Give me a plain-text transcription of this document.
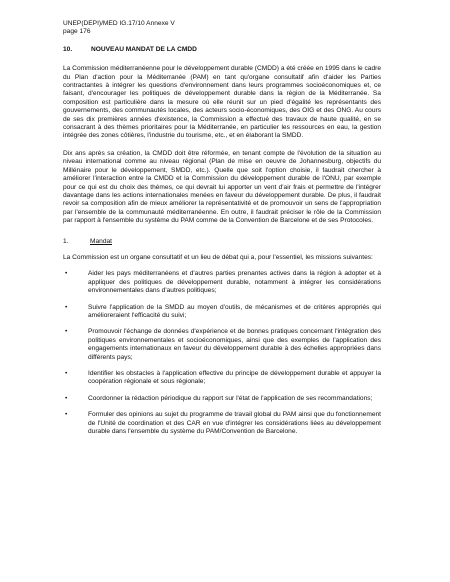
UNEP(DEPI)/MED IG.17/10 Annexe V
page 176
10.	NOUVEAU MANDAT DE LA CMDD

La Commission méditerranéenne pour le développement durable (CMDD) a été créée en 1995 dans le cadre du Plan d'action pour la Méditerranée (PAM) en tant qu'organe consultatif afin d'aider les Parties contractantes à intégrer les questions d'environnement dans leurs programmes socioéconomiques et, ce faisant, d'encourager les politiques de développement durable dans la région de la Méditerranée. Sa composition est particulière dans la mesure où elle réunit sur un pied d'égalité les représentants des gouvernements, des communautés locales, des acteurs socio-économiques, des OIG et des ONG. Au cours de ses dix premières années d'existence, la Commission a effectué des travaux de haute qualité, en se consacrant à des thèmes prioritaires pour la Méditerranée, en particulier les ressources en eau, la gestion intégrée des zones côtières, l'industrie du tourisme, etc., et en élaborant la SMDD.

Dix ans après sa création, la CMDD doit être réformée, en tenant compte de l'évolution de la situation au niveau international comme au niveau régional (Plan de mise en oeuvre de Johannesburg, objectifs du Millénaire pour le développement, SMDD, etc.). Quelle que soit l'option choisie, il faudrait chercher à améliorer l'interaction entre la CMDD et la Commission du développement durable de l'ONU, par exemple pour ce qui est du choix des thèmes, ce qui devrait lui apporter un vent d'air frais et permettre de l'intégrer davantage dans les actions internationales menées en faveur du développement durable. De plus, il faudrait revoir sa composition afin de mieux améliorer la représentativité et de promouvoir un sens de l'appropriation par l'ensemble de la communauté méditerranéenne. En outre, il faudrait préciser le rôle de la Commission par rapport à l'ensemble du système du PAM comme de la Convention de Barcelone et de ses Protocoles.

1.	Mandat

La Commission est un organe consultatif et un lieu de débat qui a, pour l'essentiel, les missions suivantes:

•	Aider les pays méditerranéens et d'autres parties prenantes actives dans la région à adopter et à appliquer des politiques de développement durable, notamment à intégrer les considérations environnementales dans d'autres politiques;
•	Suivre l'application de la SMDD au moyen d'outils, de mécanismes et de critères appropriés qui amélioreraient l'efficacité du suivi;
•	Promouvoir l'échange de données d'expérience et de bonnes pratiques concernant l'intégration des politiques environnementales et socioéconomiques, ainsi que des exemples de l'application des engagements internationaux en faveur du développement durable à des échelles appropriées dans différents pays;
•	Identifier les obstacles à l'application effective du principe de développement durable et appuyer la coopération régionale et sous régionale;
•	Coordonner la rédaction périodique du rapport sur l'état de l'application de ses recommandations;
•	Formuler des opinions au sujet du programme de travail global du PAM ainsi que du fonctionnement de l'Unité de coordination et des CAR en vue d'intégrer les considérations liées au développement durable dans l'ensemble du système du PAM/Convention de Barcelone.
